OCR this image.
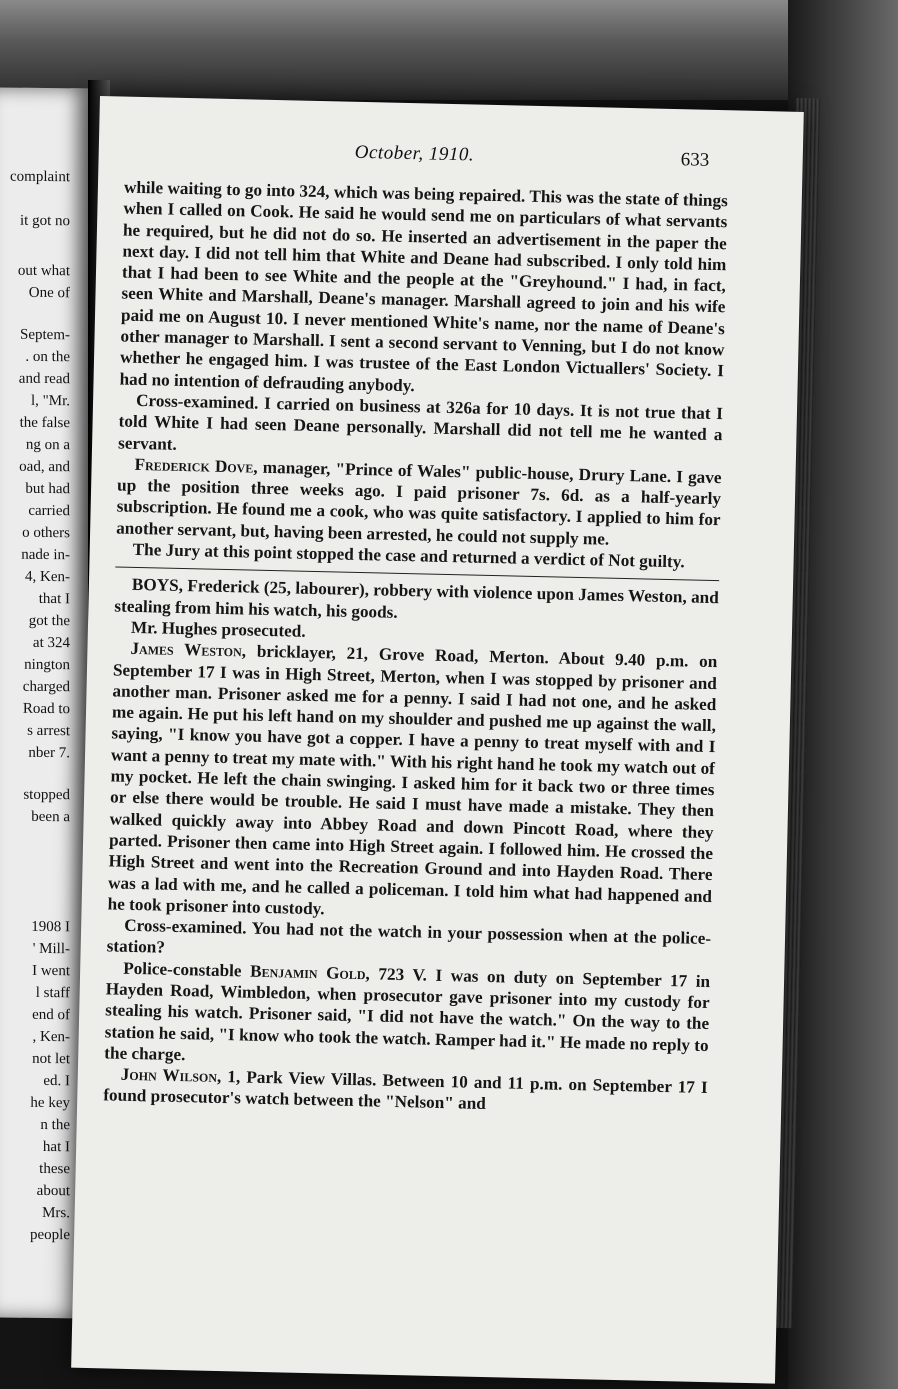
complaint
it got no
out what
One of
Septem-
. on the
and read
l, "Mr.
the false
ng on a
oad, and
but had
carried
o others
nade in-
4, Ken-
that I
got the
at 324
nington
charged
Road to
s arrest
nber 7.
stopped
been a
1908 I
' Mill-
I went
l staff
end of
, Ken-
not let
ed. I
he key
n the
hat I
these
about
Mrs.
people
October, 1910.	633

while waiting to go into 324, which was being repaired. This was the state of things when I called on Cook. He said he would send me on particulars of what servants he required, but he did not do so. He inserted an advertisement in the paper the next day. I did not tell him that White and Deane had subscribed. I only told him that I had been to see White and the people at the "Greyhound." I had, in fact, seen White and Marshall, Deane's manager. Marshall agreed to join and his wife paid me on August 10. I never mentioned White's name, nor the name of Deane's other manager to Marshall. I sent a second servant to Venning, but I do not know whether he engaged him. I was trustee of the East London Victuallers' Society. I had no intention of defrauding anybody.

Cross-examined. I carried on business at 326a for 10 days. It is not true that I told White I had seen Deane personally. Marshall did not tell me he wanted a servant.

Frederick Dove, manager, "Prince of Wales" public-house, Drury Lane. I gave up the position three weeks ago. I paid prisoner 7s. 6d. as a half-yearly subscription. He found me a cook, who was quite satisfactory. I applied to him for another servant, but, having been arrested, he could not supply me.

The Jury at this point stopped the case and returned a verdict of Not guilty.

BOYS, Frederick (25, labourer), robbery with violence upon James Weston, and stealing from him his watch, his goods.

Mr. Hughes prosecuted.

James Weston, bricklayer, 21, Grove Road, Merton. About 9.40 p.m. on September 17 I was in High Street, Merton, when I was stopped by prisoner and another man. Prisoner asked me for a penny. I said I had not one, and he asked me again. He put his left hand on my shoulder and pushed me up against the wall, saying, "I know you have got a copper. I have a penny to treat myself with and I want a penny to treat my mate with." With his right hand he took my watch out of my pocket. He left the chain swinging. I asked him for it back two or three times or else there would be trouble. He said I must have made a mistake. They then walked quickly away into Abbey Road and down Pincott Road, where they parted. Prisoner then came into High Street again. I followed him. He crossed the High Street and went into the Recreation Ground and into Hayden Road. There was a lad with me, and he called a policeman. I told him what had happened and he took prisoner into custody.

Cross-examined. You had not the watch in your possession when at the police-station?

Police-constable Benjamin Gold, 723 V. I was on duty on September 17 in Hayden Road, Wimbledon, when prosecutor gave prisoner into my custody for stealing his watch. Prisoner said, "I did not have the watch." On the way to the station he said, "I know who took the watch. Ramper had it." He made no reply to the charge.

John Wilson, 1, Park View Villas. Between 10 and 11 p.m. on September 17 I found prosecutor's watch between the "Nelson" and
